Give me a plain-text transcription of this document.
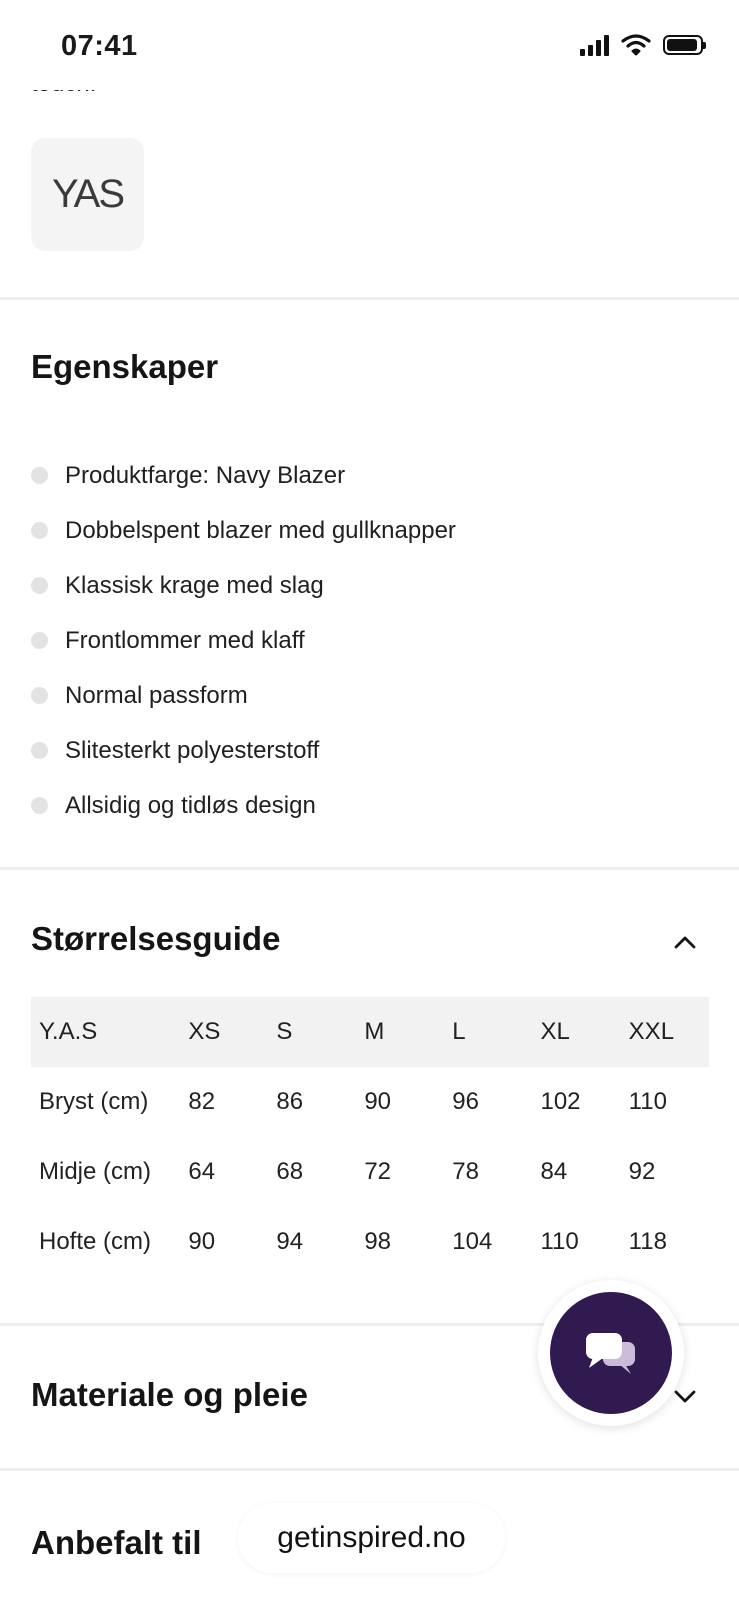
07:41
YAS
Egenskaper
Produktfarge: Navy Blazer
Dobbelspent blazer med gullknapper
Klassisk krage med slag
Frontlommer med klaff
Normal passform
Slitesterkt polyesterstoff
Allsidig og tidløs design
Størrelsesguide
Y.A.S	XS	S	M	L	XL	XXL
Bryst (cm)	82	86	90	96	102	110
Midje (cm)	64	68	72	78	84	92
Hofte (cm)	90	94	98	104	110	118
Materiale og pleie
Anbefalt til	getinspired.no
